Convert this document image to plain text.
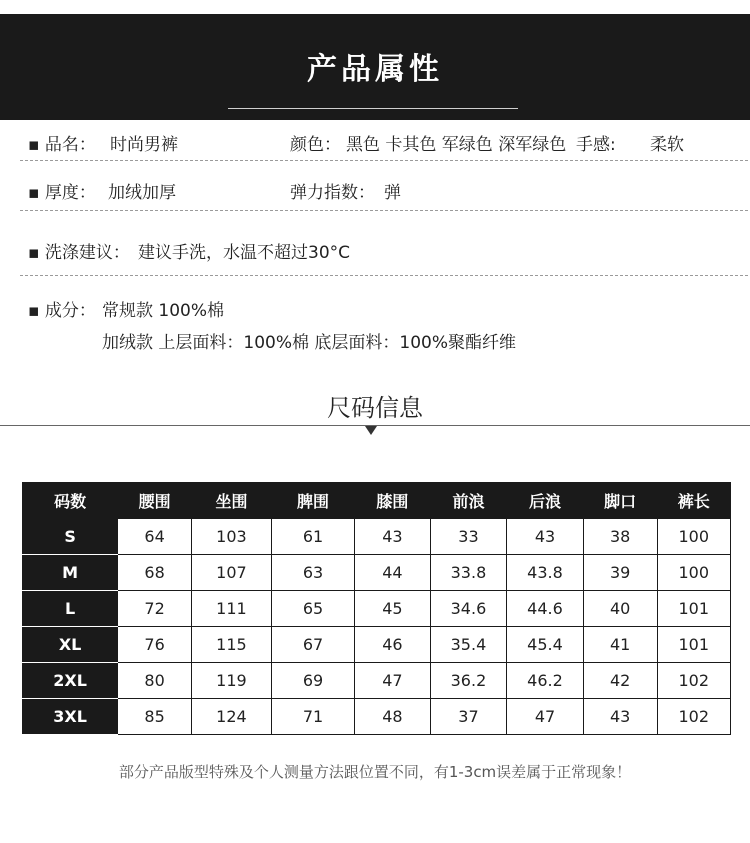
产品属性
▪ 品名： 时尚男裤	颜色： 黑色 卡其色 军绿色 深军绿色 手感: 柔软
▪ 厚度： 加绒加厚	弹力指数： 弹
▪ 洗涤建议： 建议手洗，水温不超过30°C
▪ 成分： 常规款 100%棉
加绒款 上层面料：100%棉 底层面料：100%聚酯纤维
尺码信息
码数	腰围	坐围	脾围	膝围	前浪	后浪	脚口	裤长
S	64	103	61	43	33	43	38	100
M	68	107	63	44	33.8	43.8	39	100
L	72	111	65	45	34.6	44.6	40	101
XL	76	115	67	46	35.4	45.4	41	101
2XL	80	119	69	47	36.2	46.2	42	102
3XL	85	124	71	48	37	47	43	102
部分产品版型特殊及个人测量方法跟位置不同，有1-3cm误差属于正常现象！
